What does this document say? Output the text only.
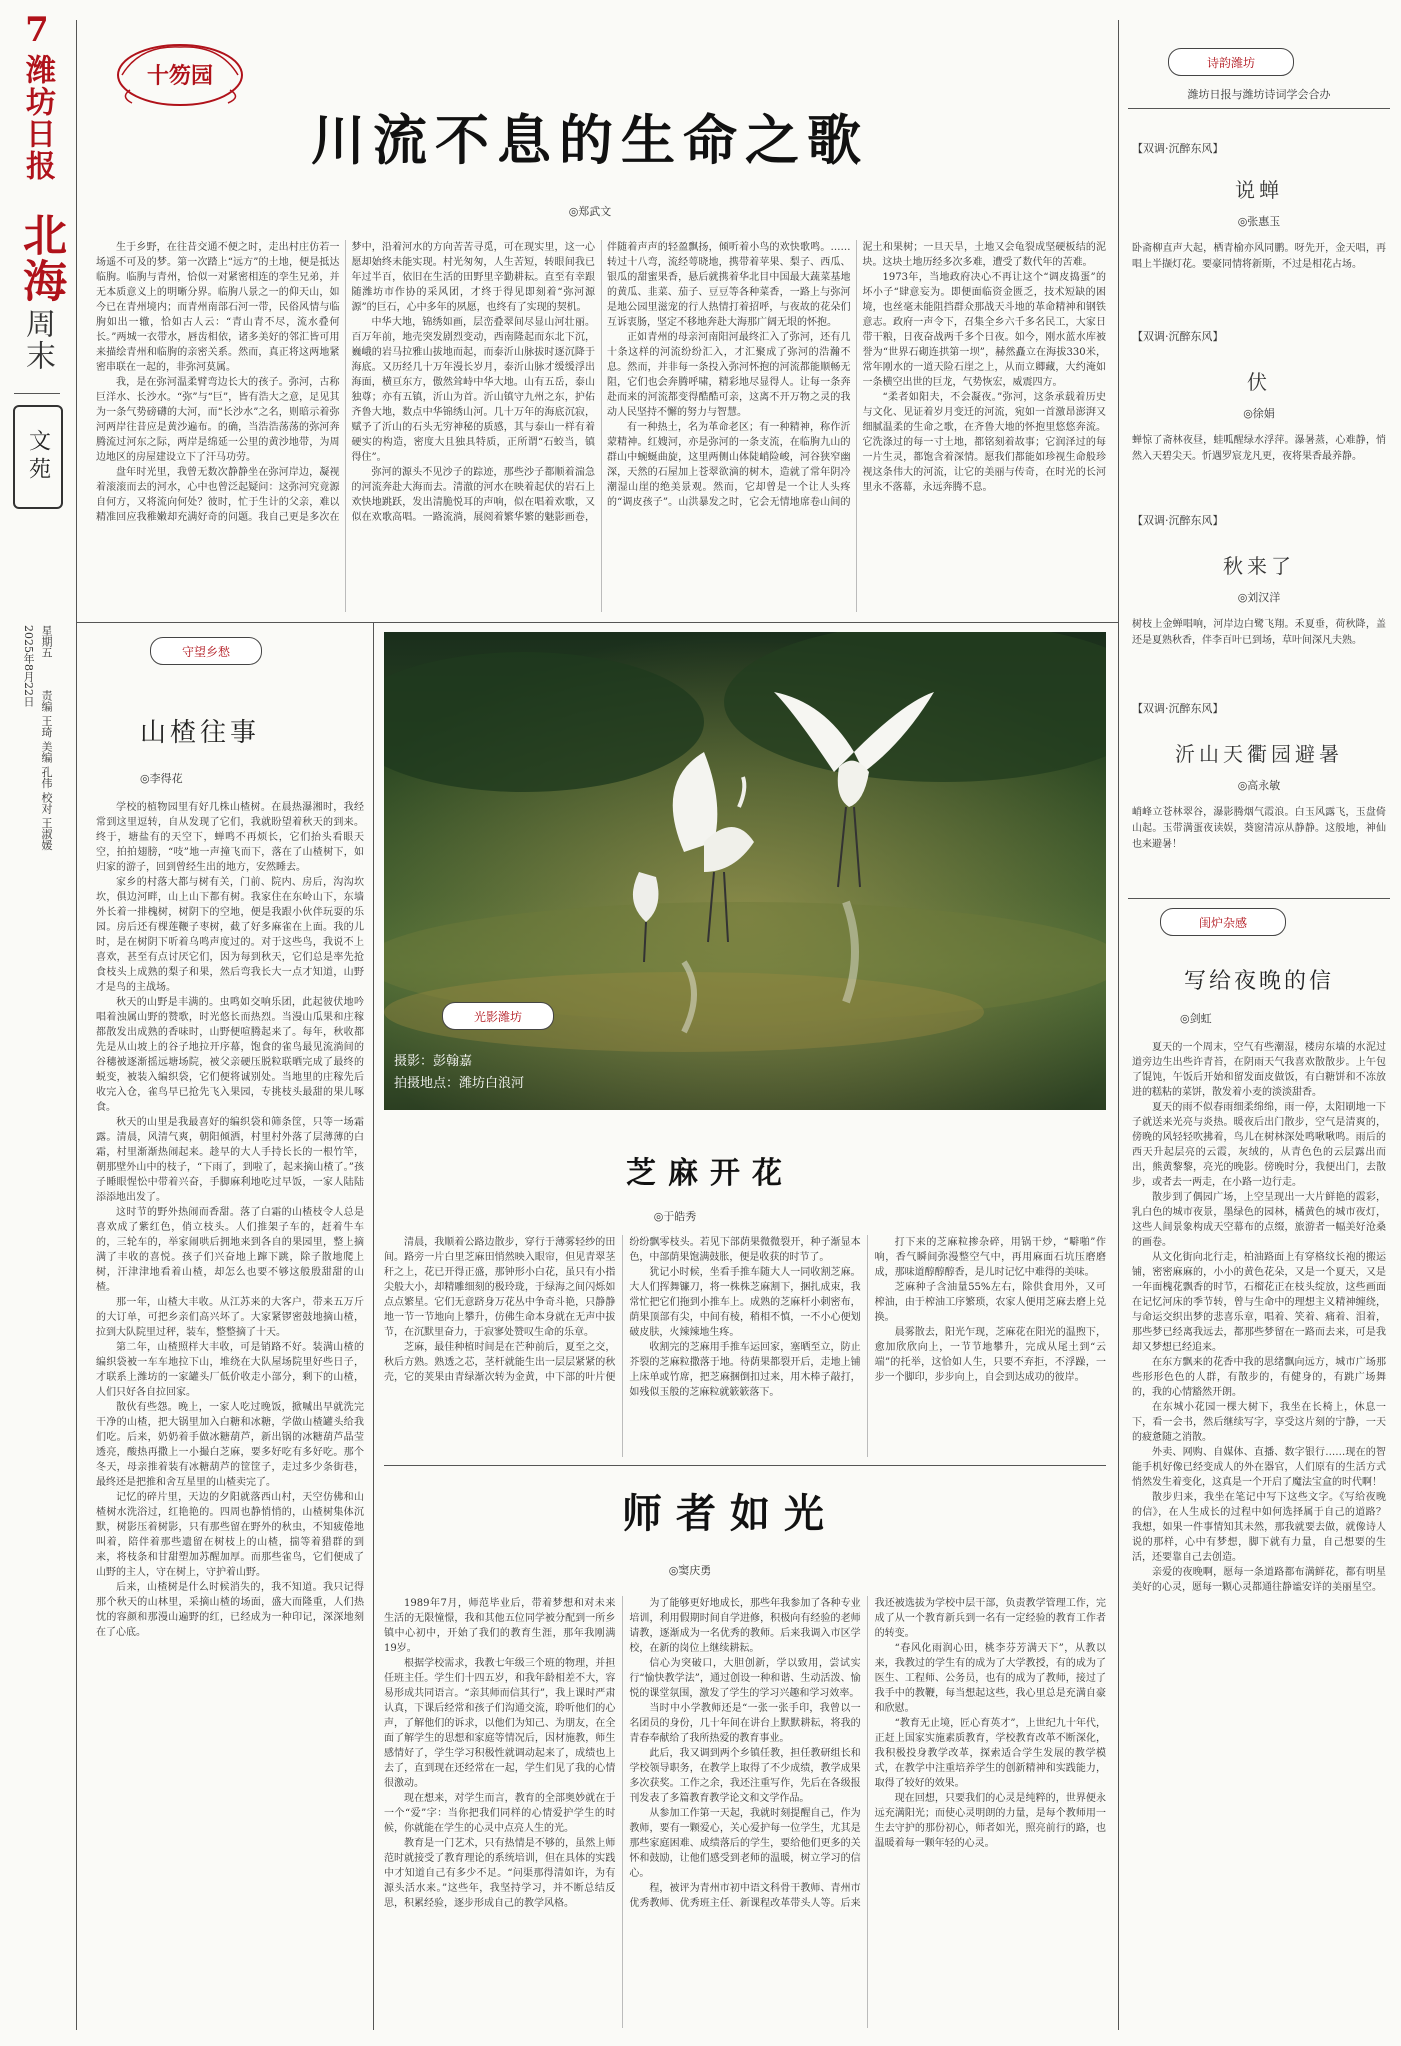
7
潍坊日报
北海
周末
文苑
2025年8月22日 星期五
责编 王琦 美编 孔伟 校对 王淑媛
十笏园
川流不息的生命之歌
◎郑武文

生于乡野，在往昔交通不便之时，走出村庄仿若一场遥不可及的梦。第一次踏上“远方”的土地，便是抵达临朐。临朐与青州，恰似一对紧密相连的孪生兄弟，并无本质意义上的明晰分界。临朐八景之一的仰天山，如今已在青州境内；而青州南部石河一带，民俗风情与临朐如出一辙，恰如古人云：“青山青不尽，流水叠何长。”两城一衣带水，唇齿相依，诸多美好的邻汇皆可用来描绘青州和临朐的亲密关系。然而，真正将这两地紧密串联在一起的，非弥河莫属。

我，是在弥河温柔臂弯边长大的孩子。弥河，古称巨洋水、长沙水。“弥”与“巨”，皆有浩大之意，足见其为一条气势磅礴的大河，而“长沙水”之名，则暗示着弥河两岸往昔应是黄沙遍布。的确，当浩浩荡荡的弥河奔腾流过河东之际，两岸是绵延一公里的黄沙地带，为周边地区的房屋建设立下了汗马功劳。

盘年时光里，我曾无数次静静坐在弥河岸边，凝视着滚滚而去的河水，心中也曾泛起疑问：这弥河究竟源自何方，又将流向何处？彼时，忙于生计的父亲，难以精准回应我稚嫩却充满好奇的问题。我自己更是多次在梦中，沿着河水的方向苦苦寻觅，可在现实里，这一心愿却始终未能实现。村光匆匆，人生苦短，转眼间我已年过半百，依旧在生活的田野里辛勤耕耘。直至有幸跟随潍坊市作协的采风团，才终于得见即刻着“弥河源源”的巨石，心中多年的夙愿，也终有了实现的契机。

中华大地，锦绣如画，层峦叠翠间尽显山河壮丽。百万年前，地壳突发剧烈变动，西南隆起而东北下沉，巍峨的岩马拉雅山拔地而起，而泰沂山脉拔时逐沉降于海底。又历经几十万年漫长岁月，泰沂山脉才缓缓浮出海面，横亘东方，傲然耸峙中华大地。山有五岳，泰山独尊；亦有五镇，沂山为首。沂山镇守九州之东，护佑齐鲁大地，数点中华锦绣山河。几十万年的海底沉寂，赋予了沂山的石头无穷神秘的质感，其与泰山一样有着硬实的构造，密度大且独具特质，正所谓“石蛟当，镇得住”。

弥河的源头不见沙子的踪迹，那些沙子都顺着湍急的河流奔赴大海而去。清澈的河水在映着起伏的岩石上欢快地跳跃，发出清脆悦耳的声响，似在唱着欢歌，又似在欢歌高唱。一路流淌，展阅着繁华繁的魅影画卷，伴随着声声的轻盈飘扬，倾听着小鸟的欢快歌鸣。……转过十八弯，流经萼晓地，携带着苹果、梨子、西瓜、银瓜的甜蜜果香，悬后就携着华北目中国最大蔬菜基地的黄瓜、韭菜、茄子、豆豆等各种菜香，一路上与弥河是地公园里滋宠的行人热情打着招呼，与夜故的花朵们互诉衷肠，坚定不移地奔赴大海那广阔无垠的怀抱。

正如青州的母亲河南阳河最终汇入了弥河，还有几十条这样的河流纷纷汇入，才汇聚成了弥河的浩瀚不息。然而，并非每一条投入弥河怀抱的河流都能顺畅无阻，它们也会奔腾呼啸，精彩地尽显得人。让每一条奔赴而来的河流都变得酷酷可亲，这离不开万物之灵的我动人民坚持不懈的努力与智慧。

有一种热土，名为革命老区；有一种精神，称作沂蒙精神。红嫂河，亦是弥河的一条支流，在临朐九山的群山中蜿蜒曲旋，这里两侧山体陡峭险峻，河谷狭窄幽深，天然的石屋加上苍翠欲滴的树木，造就了常年阴冷潮湿山崖的绝美景观。然而，它却曾是一个让人头疼的“调皮孩子”。山洪暴发之时，它会无情地席卷山间的泥土和果树；一旦天旱，土地又会龟裂成坚硬板结的泥块。这块土地历经多次多难，遭受了数代年的苦难。

1973年，当地政府决心不再让这个“调皮捣蛋”的坏小子“肆意妄为。即便面临资金匮乏，技术短缺的困境，也丝毫未能阻挡群众那战天斗地的革命精神和钢铁意志。政府一声令下，召集全乡六千多名民工，大家日带干粮，日夜奋战两千多个日夜。如今，刚水蓝水库被誉为“世界石砌连拱第一坝”，赫然矗立在海拔330米，常年刚水的一道天险石崖之上，从而立卿藏，大约淹如一条横空出世的巨龙，气势恢宏，威震四方。

“柔者如阳夫，不会凝夜。”弥河，这条承载着历史与文化、见证着岁月变迁的河流，宛如一首激昂澎湃又细腻温柔的生命之歌，在齐鲁大地的怀抱里悠悠奔流。它洗涤过的每一寸土地，都铭刻着故事；它润泽过的每一片生灵，都饱含着深情。愿我们都能如珍视生命般珍视这条伟大的河流，让它的美丽与传奇，在时光的长河里永不落幕，永远奔腾不息。

守望乡愁
山楂往事
◎李得花

学校的植物园里有好几株山楂树。在晨热瀑湘时，我经常到这里逗转，自从发现了它们，我就盼望着秋天的到来。终于，塘盐有的天空下，蝉鸣不再烦长，它们抬头看眼天空，拍拍翅膀，“吱”地一声撞飞而下，落在了山楂树下，如归家的游子，回到曾经生出的地方，安然睡去。

家乡的村落大都与树有关，门前、院内、房后，沟沟坎坎，俱边河畔，山上山下都有树。我家住在东岭山下，东墙外长着一排槐树，树阴下的空地，便是我跟小伙伴玩耍的乐园。房后还有棵莲鞭子枣树，截了好多麻雀在上面。我的儿时，是在树阴下听着乌鸣声度过的。对于这些鸟，我说不上喜欢，甚至有点讨厌它们，因为每到秋天，它们总是率先抢食枝头上成熟的梨子和果，然后弯我长大一点才知道，山野才是鸟的主战场。

秋天的山野是丰满的。虫鸣如交响乐团，此起彼伏地吟唱着浊属山野的赞歌，时光悠长而热烈。当漫山瓜果和庄稼都散发出成熟的香味时，山野便喧腾起来了。每年，秋收都先是从山坡上的谷子地拉开序幕，饱食的雀鸟最见流淌间的谷穗被逐渐摇远塘场院，被父亲硬压脱粒联晒完成了最终的蜕变，被装入编织袋，它们便将诚别处。当地里的庄稼先后收完入仓，雀鸟早已抢先飞入果园，专挑枝头最甜的果儿啄食。

秋天的山里是我最喜好的编织袋和筛条筐，只等一场霜露。清晨，风清气爽，朝阳倾洒，村里村外落了层薄薄的白霜，村里渐渐热闹起来。趁早的大人手持长长的一根竹竿，朝那壁外山中的枝子，“下雨了，到啦了，起来摘山楂了。”孩子睡眼惺忪中带着兴奋，手脚麻利地吃过早饭，一家人陆陆添添地出发了。

这时节的野外热闹而香甜。落了白霜的山楂枝令人总是喜欢成了紫红色，俏立枝头。人们推架子车的，赶着牛车的，三轮车的，举家闹哄后拥地来到各自的果园里，整上摘满了丰收的喜悦。孩子们兴奋地上蹿下跳，除子散地爬上树，汗津津地看着山楂，却怎么也要不够这般殷甜甜的山楂。

那一年，山楂大丰收。从江苏来的大客户，带来五万斤的大订单，可把乡亲们高兴坏了。大家紧锣密鼓地摘山楂，拉到大队院里过秤，装车，整整摘了十天。

第二年，山楂照样大丰收，可是销路不好。装满山楂的编织袋被一车车地拉下山，堆绕在大队屋场院里好些日子，才联系上潍坊的一家罐头厂低价收走小部分，剩下的山楂，人们只好各自拉回家。

散伙有些怨。晚上，一家人吃过晚饭，掀喊出早就洗完干净的山楂，把大锅里加入白糖和冰糖，学做山楂罐头给我们吃。后来，奶奶着手做冰糖葫芦，新出锅的冰糖葫芦晶莹透亮，酸热再撒上一小撮白芝麻，要多好吃有多好吃。那个冬天，母亲推着装有冰糖葫芦的筐筐子，走过多少条街巷，最终还是把推和舍互星里的山楂卖完了。

记忆的碎片里，天边的夕阳就落西山村，天空仿佛和山楂树水洗浴过，红艳艳的。四周也静悄悄的，山楂树集体沉默，树影压着树影，只有那些留在野外的秋虫，不知疲倦地叫着，陪伴着那些遗留在树枝上的山楂，揣等着猎群的到来，将枝条和甘甜塑加苏醒加厚。而那些雀鸟，它们便成了山野的主人，守在树上，守护着山野。

后来，山楂树是什么时候消失的，我不知道。我只记得那个秋天的山林里，采摘山楂的场面，盛大而隆重，人们热忱的容颜和那漫山遍野的红，已经成为一种印记，深深地刻在了心底。

光影潍坊
摄影：彭翰嘉
拍摄地点：潍坊白浪河
芝麻开花
◎于皓秀

清晨，我顺着公路边散步，穿行于薄雾轻纱的田间。路旁一片白里芝麻田悄然映入眼帘，但见青翠茎秆之上，花已开得正盛，那钟形小白花，虽只有小指尖般大小，却精雕细刻的极玲珑，于绿海之间闪烁如点点繁星。它们无意跻身万花丛中争奇斗艳，只静静地一节一节地向上攀升，仿佛生命本身就在无声中拔节，在沉默里奋力，于寂寥处赞叹生命的乐章。

芝麻，最佳种植时间是在芒种前后，夏至之交，秋后方熟。熟透之芯，茎杆就能生出一层层紧紧的秋壳，它的荚果由青绿渐次转为金黄，中下部的叶片便纷纷飘零枝头。若见下部荫果微微裂开，种子渐显本色，中部荫果饱满鼓胀，便是收获的时节了。

犹记小时候，坐看手推车随大人一同收割芝麻。大人们挥舞镰刀，将一株株芝麻割下，捆扎成束，我常忙把它们拖到小推车上。成熟的芝麻杆小刺密布，荫果顶部有尖，中间有棱，稍相不慎，一不小心便划破皮肤，火辣辣地生疼。

收割完的芝麻用手推车运回家，塞晒至立，防止芥裂的芝麻粒撒落于地。待荫果都裂开后，走地上铺上床单或竹席，把芝麻捆倒扣过来，用木棒子敲打，如残似玉般的芝麻粒就簌簌落下。

打下来的芝麻粒掺杂碎，用锅干炒，“噼啪”作响，香气瞬间弥漫整空气中，再用麻面石坑压磨磨成，那味道醇醇醇香，是儿时记忆中难得的美味。

芝麻种子含油量55%左右，除供食用外，又可榨油，由于榨油工序繁琐，农家人便用芝麻去磨上兑换。

晨雾散去，阳光乍现，芝麻花在阳光的温煦下，愈加欣欣向上，一节节地攀升，完成从尾土到“云端”的托举，这恰如人生，只要不弃拒，不浮躁，一步一个脚印，步步向上，自会到达成功的彼岸。

师者如光
◎窦庆勇

1989年7月，师范毕业后，带着梦想和对未来生活的无限憧憬，我和其他五位同学被分配到一所乡镇中心初中，开始了我们的教育生涯，那年我刚满19岁。

根据学校需求，我教七年级三个班的物理，并担任班主任。学生们十四五岁，和我年龄相差不大，容易形成共同语言。“亲其师而信其行”，我上课时严肃认真，下课后经常和孩子们沟通交流，聆听他们的心声，了解他们的诉求，以他们为知己、为朋友，在全面了解学生的思想和家庭等情况后，因材施教，师生感情好了，学生学习积极性就调动起来了，成绩也上去了，直到现在还经常在一起，学生们见了我的心情很激动。

现在想来，对学生而言，教育的全部奥妙就在于一个“爱”字：当你把我们同样的心情爱护学生的时候，你就能在学生的心灵中点亮人生的光。

教育是一门艺术，只有热情是不够的，虽然上师范时就接受了教育理论的系统培训，但在具体的实践中才知道自己有多少不足。“问渠那得清如许，为有源头活水来。”这些年，我坚持学习，并不断总结反思，积累经验，逐步形成自己的教学风格。

为了能够更好地成长，那些年我参加了各种专业培训，利用假期时间自学进修，积极向有经验的老师请教，逐渐成为一名优秀的教师。后来我调入市区学校，在新的岗位上继续耕耘。

信心为突破口，大胆创新，学以致用，尝试实行“愉快教学法”，通过创设一种和谐、生动活泼、愉悦的课堂氛围，激发了学生的学习兴趣和学习效率。

当时中小学教师还是“一张一张手印，我曾以一名团员的身份，几十年间在讲台上默默耕耘，将我的青春奉献给了我所热爱的教育事业。

此后，我又调到两个乡镇任教，担任教研组长和学校领导职务，在教学上取得了不少成绩，教学成果多次获奖。工作之余，我还注重写作，先后在各级报刊发表了多篇教育教学论文和文学作品。

从参加工作第一天起，我就时刻提醒自己，作为教师，要有一颗爱心，关心爱护每一位学生，尤其是那些家庭困难、成绩落后的学生，要给他们更多的关怀和鼓励，让他们感受到老师的温暖，树立学习的信心。

程，被评为青州市初中语文科骨干教师、青州市优秀教师、优秀班主任、新课程改革带头人等。后来我还被选拔为学校中层干部，负责教学管理工作，完成了从一个教育新兵到一名有一定经验的教育工作者的转变。

“春风化雨润心田，桃李芬芳满天下”，从教以来，我教过的学生有的成为了大学教授，有的成为了医生、工程师、公务员，也有的成为了教师，接过了我手中的教鞭，每当想起这些，我心里总是充满自豪和欣慰。

“教育无止境，匠心育英才”，上世纪九十年代，正赶上国家实施素质教育，学校教育改革不断深化，我积极投身教学改革，探索适合学生发展的教学模式，在教学中注重培养学生的创新精神和实践能力，取得了较好的效果。

现在回想，只要我们的心灵是纯粹的，世界便永远充满阳光；而使心灵明朗的力量，是每个教师用一生去守护的那份初心，师者如光，照亮前行的路，也温暖着每一颗年轻的心灵。

诗韵潍坊
潍坊日报与潍坊诗词学会合办
【双调·沉醉东风】
说蝉
◎张惠玉
卧斋柳直声大起，栖青榆亦风同鹏。呀先开，金天唱，再唱上半撷灯花。要豪同情将新斯，不过是相花占场。
【双调·沉醉东风】
伏
◎徐娟
蝉惊了斋林夜昼，蛙呱醒绿水浮萍。瀑暑蒸，心难静，悄然入天碧尖天。忻遇罗宸龙凡更，夜将果香最养静。
【双调·沉醉东风】
秋来了
◎刘汉洋
树枝上金蝉唱响，河岸边白鹭飞翔。禾夏垂，荷秋降，盖还是夏熟秋香，伴李百叶已到场，草叶间深凡夫熟。
【双调·沉醉东风】
沂山天衢园避暑
◎高永敏
峭峰立苍林翠谷，瀑影腾烟气霞浪。白玉风露飞，玉盘倚山起。玉带满蛋夜读娱，葵窗清凉从静静。这般地，神仙也来避暑！
闺炉杂感
写给夜晚的信
◎剑虹

夏天的一个周末，空气有些潮湿，楼房东墙的水泥过道旁边生出些许青苔，在阴雨天气我喜欢散散步。上午包了馄饨，午饭后开始和留发面皮做饭，有白糖饼和不冻放进的糕粘的菜饼，散发着小麦的淡淡甜香。

夏天的雨不似春雨细柔绵绵，雨一停，太阳刷地一下子就送来光亮与炎热。暖夜后出门散步，空气是清爽的，傍晚的风轻轻吹拂着，鸟儿在树林深处鸣啾啾鸣。雨后的西天升起层亮的云霞，灰绒的，从青色色的云层露出而出，熊黄黎黎，亮光的晚影。傍晚时分，我便出门，去散步，或者去一两走，在小路一边行走。

散步到了偶园广场，上空呈现出一大片鲜艳的霞彩，乳白色的城市夜景，墨绿色的园林，橘黄色的城市夜灯，这些人间景象构成天空幕布的点缀，旅游者一幅美好沧桑的画卷。

从文化街向北行走，柏油路面上有穿格纹长袍的搬运铺，密密麻麻的，小小的黄色花朵，又是一个夏天，又是一年面槐花飘香的时节，石榴花正在枝头绽放，这些画面在记忆河床的季节转，曾与生命中的理想主义精神缠绕，与命运交织出梦的悲喜乐章，唱着、笑着、痛着、泪着，那些梦已经离我远去，都那些梦留在一路而去来，可是我却又梦想已经追来。

在东方飘来的花香中我的思绪飘向远方，城市广场那些形形色色的人群，有散步的，有健身的，有跳广场舞的，我的心情豁然开朗。

在东城小花园一棵大树下，我坐在长椅上，休息一下，看一会书，然后继续写字，享受这片刻的宁静，一天的疲惫随之消散。

外卖、网购、自媒体、直播、数字银行……现在的智能手机好像已经变成人的外在器官，人们原有的生活方式悄然发生着变化，这真是一个开启了魔法宝盒的时代啊！

散步归来，我坐在笔记中写下这些文字。《写给夜晚的信》，在人生成长的过程中如何选择属于自己的道路？我想，如果一件事情知其未然，那我就要去做，就像诗人说的那样，心中有梦想，脚下就有力量，自己想要的生活，还要靠自己去创造。

亲爱的夜晚啊，愿每一条道路都布满鲜花，都有明星美好的心灵，愿每一颗心灵都通往静谧安详的美丽星空。
